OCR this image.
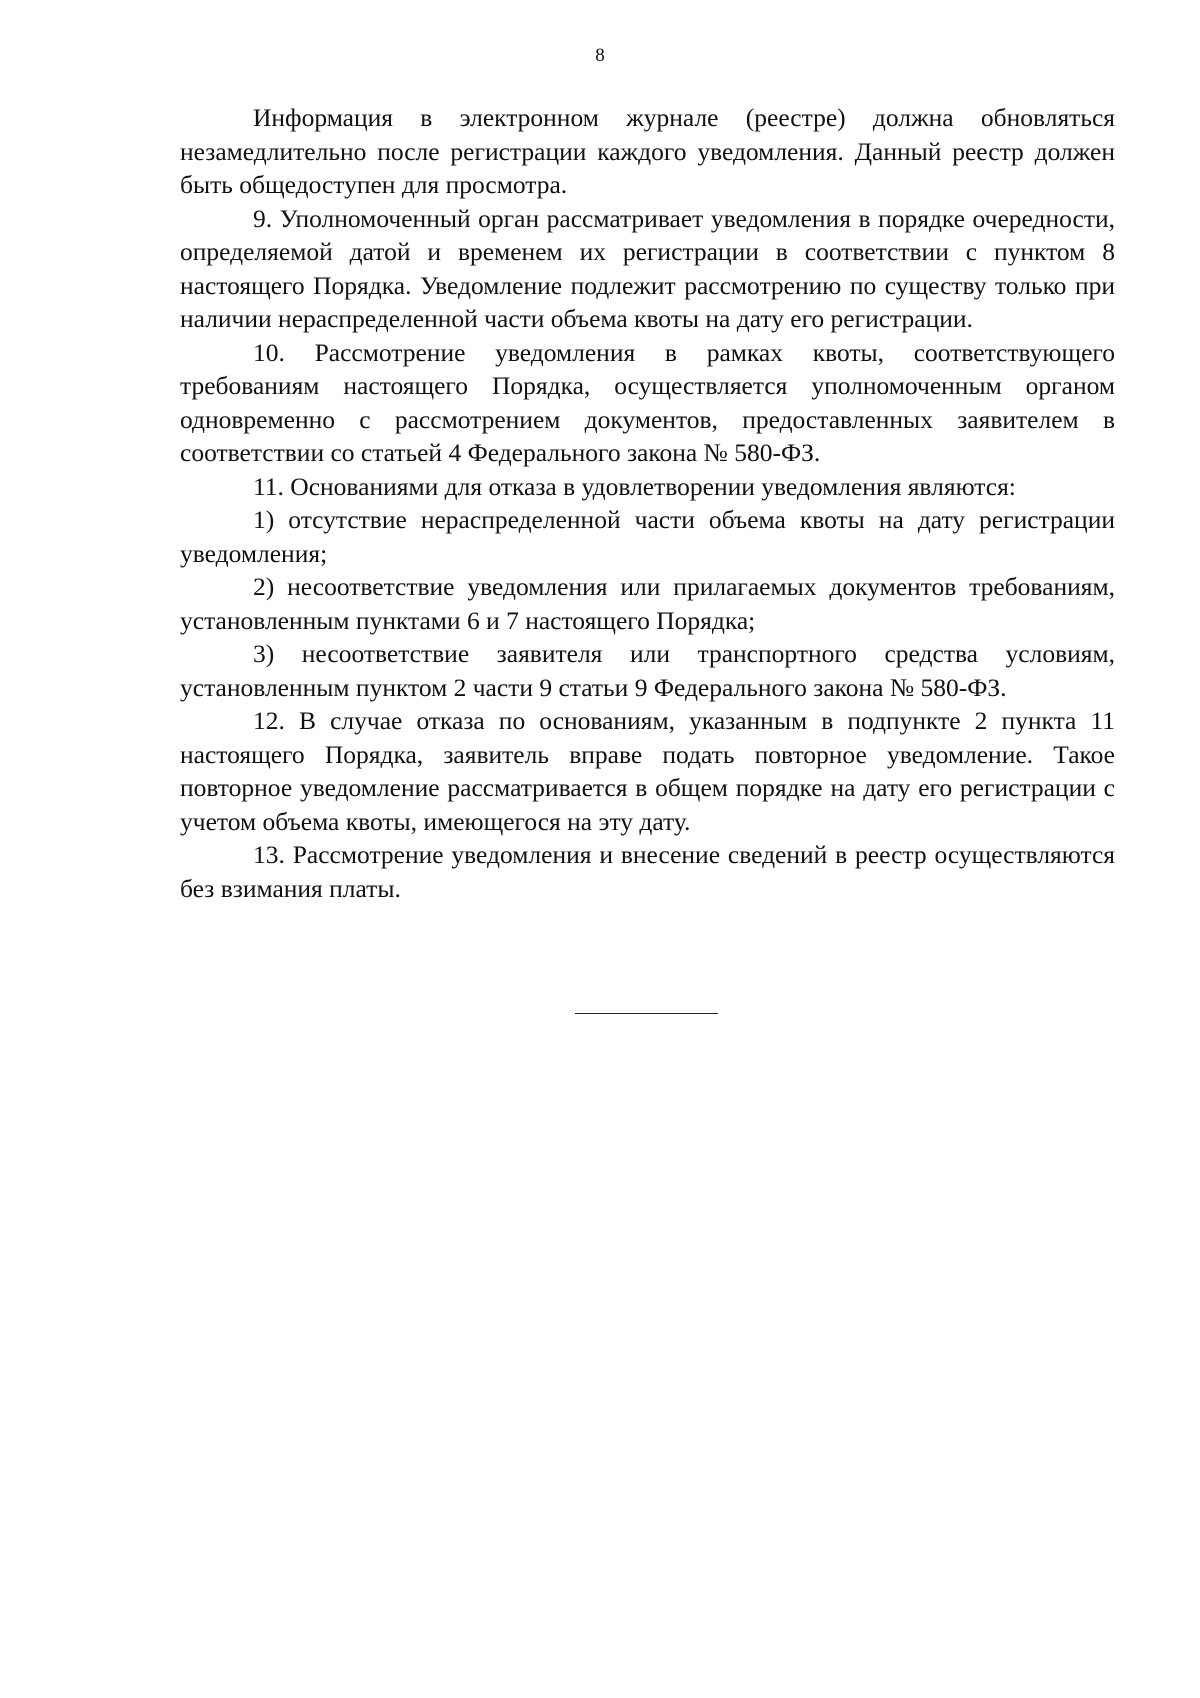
8

Информация в электронном журнале (реестре) должна обновляться незамедлительно после регистрации каждого уведомления. Данный реестр должен быть общедоступен для просмотра.

9. Уполномоченный орган рассматривает уведомления в порядке очередности, определяемой датой и временем их регистрации в соответствии с пунктом 8 настоящего Порядка. Уведомление подлежит рассмотрению по существу только при наличии нераспределенной части объема квоты на дату его регистрации.

10. Рассмотрение уведомления в рамках квоты, соответствующего требованиям настоящего Порядка, осуществляется уполномоченным органом одновременно с рассмотрением документов, предоставленных заявителем в соответствии со статьей 4 Федерального закона № 580-ФЗ.

11. Основаниями для отказа в удовлетворении уведомления являются:

1) отсутствие нераспределенной части объема квоты на дату регистрации уведомления;

2) несоответствие уведомления или прилагаемых документов требованиям, установленным пунктами 6 и 7 настоящего Порядка;

3) несоответствие заявителя или транспортного средства условиям, установленным пунктом 2 части 9 статьи 9 Федерального закона № 580-ФЗ.

12. В случае отказа по основаниям, указанным в подпункте 2 пункта 11 настоящего Порядка, заявитель вправе подать повторное уведомление. Такое повторное уведомление рассматривается в общем порядке на дату его регистрации с учетом объема квоты, имеющегося на эту дату.

13. Рассмотрение уведомления и внесение сведений в реестр осуществляются без взимания платы.
